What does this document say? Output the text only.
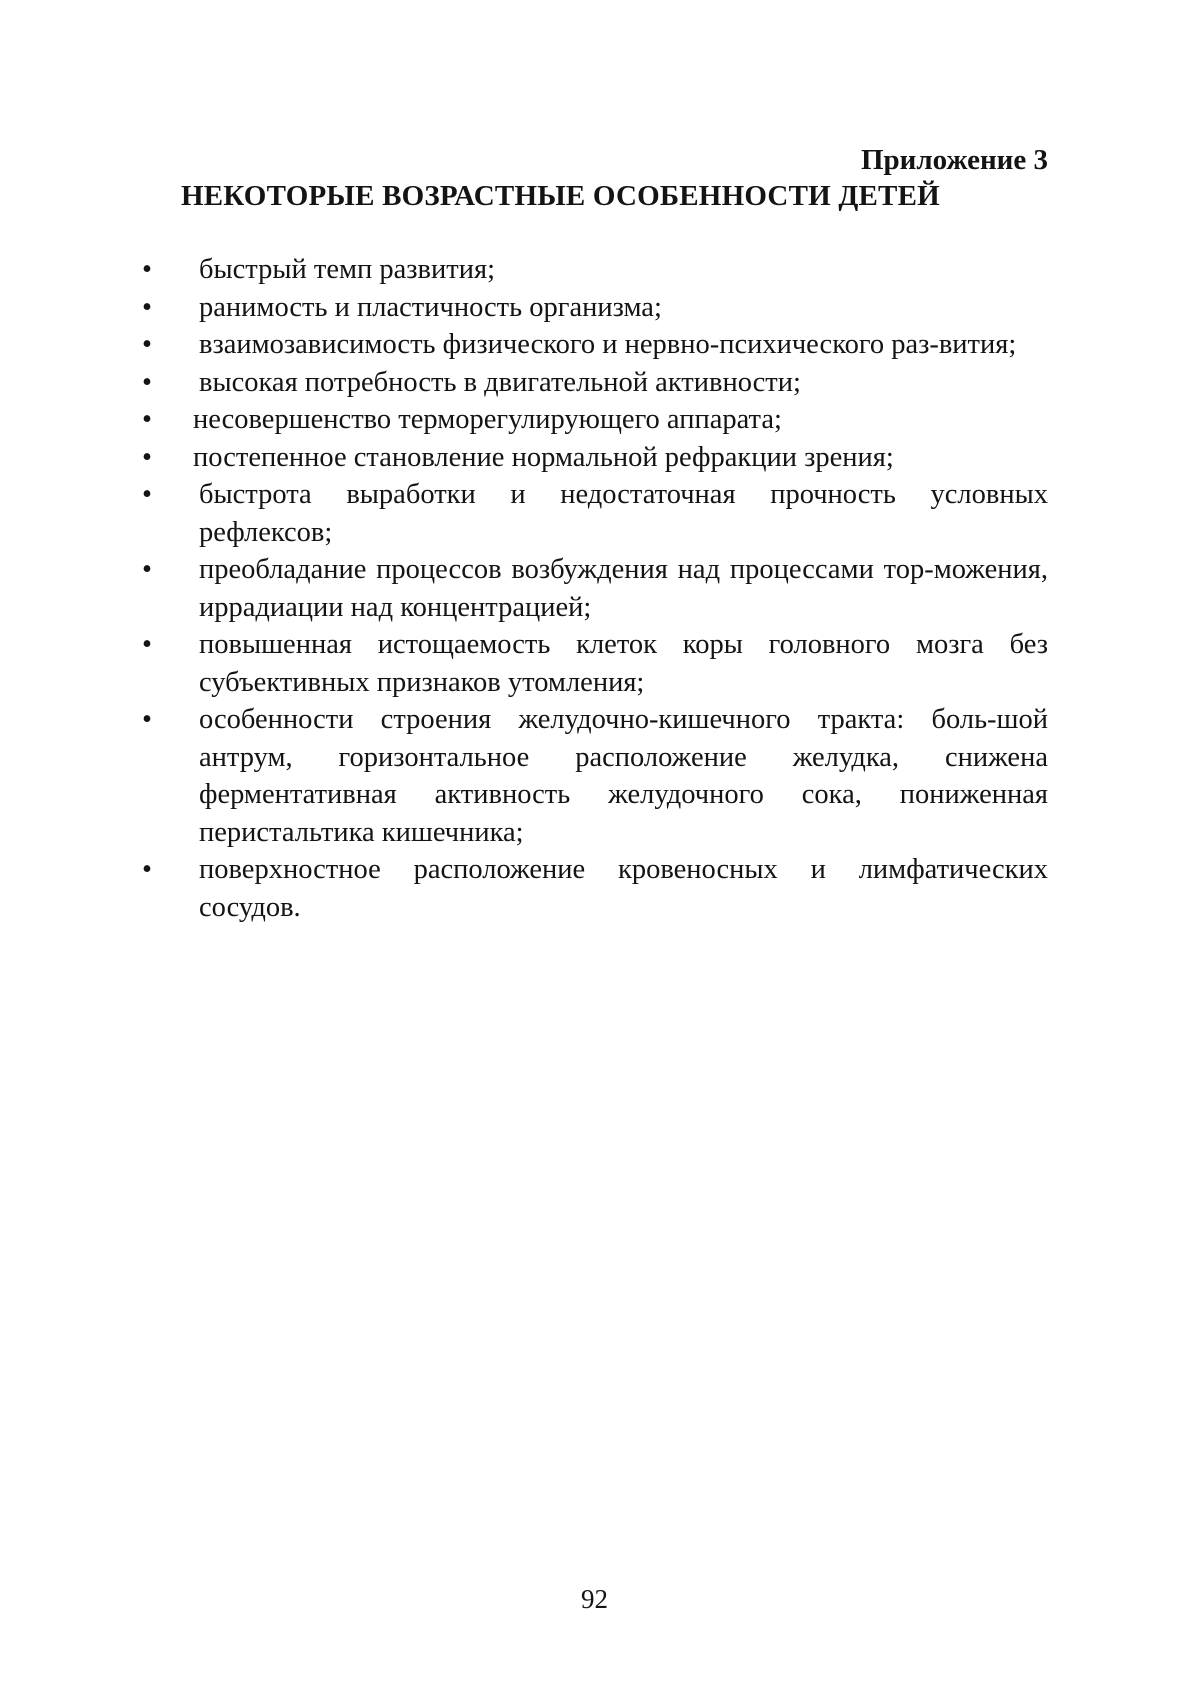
Приложение 3

НЕКОТОРЫЕ ВОЗРАСТНЫЕ ОСОБЕННОСТИ ДЕТЕЙ
• быстрый темп развития;
• ранимость и пластичность организма;
• взаимозависимость физического и нервно-психического раз-вития;
• высокая потребность в двигательной активности;
• несовершенство терморегулирующего аппарата;
• постепенное становление нормальной рефракции зрения;
• быстрота выработки и недостаточная прочность условных рефлексов;
• преобладание процессов возбуждения над процессами тор-можения, иррадиации над концентрацией;
• повышенная истощаемость клеток коры головного мозга без субъективных признаков утомления;
• особенности строения желудочно-кишечного тракта: боль-шой антрум, горизонтальное расположение желудка, снижена ферментативная активность желудочного сока, пониженная перистальтика кишечника;
• поверхностное расположение кровеносных и лимфатических сосудов.
92
